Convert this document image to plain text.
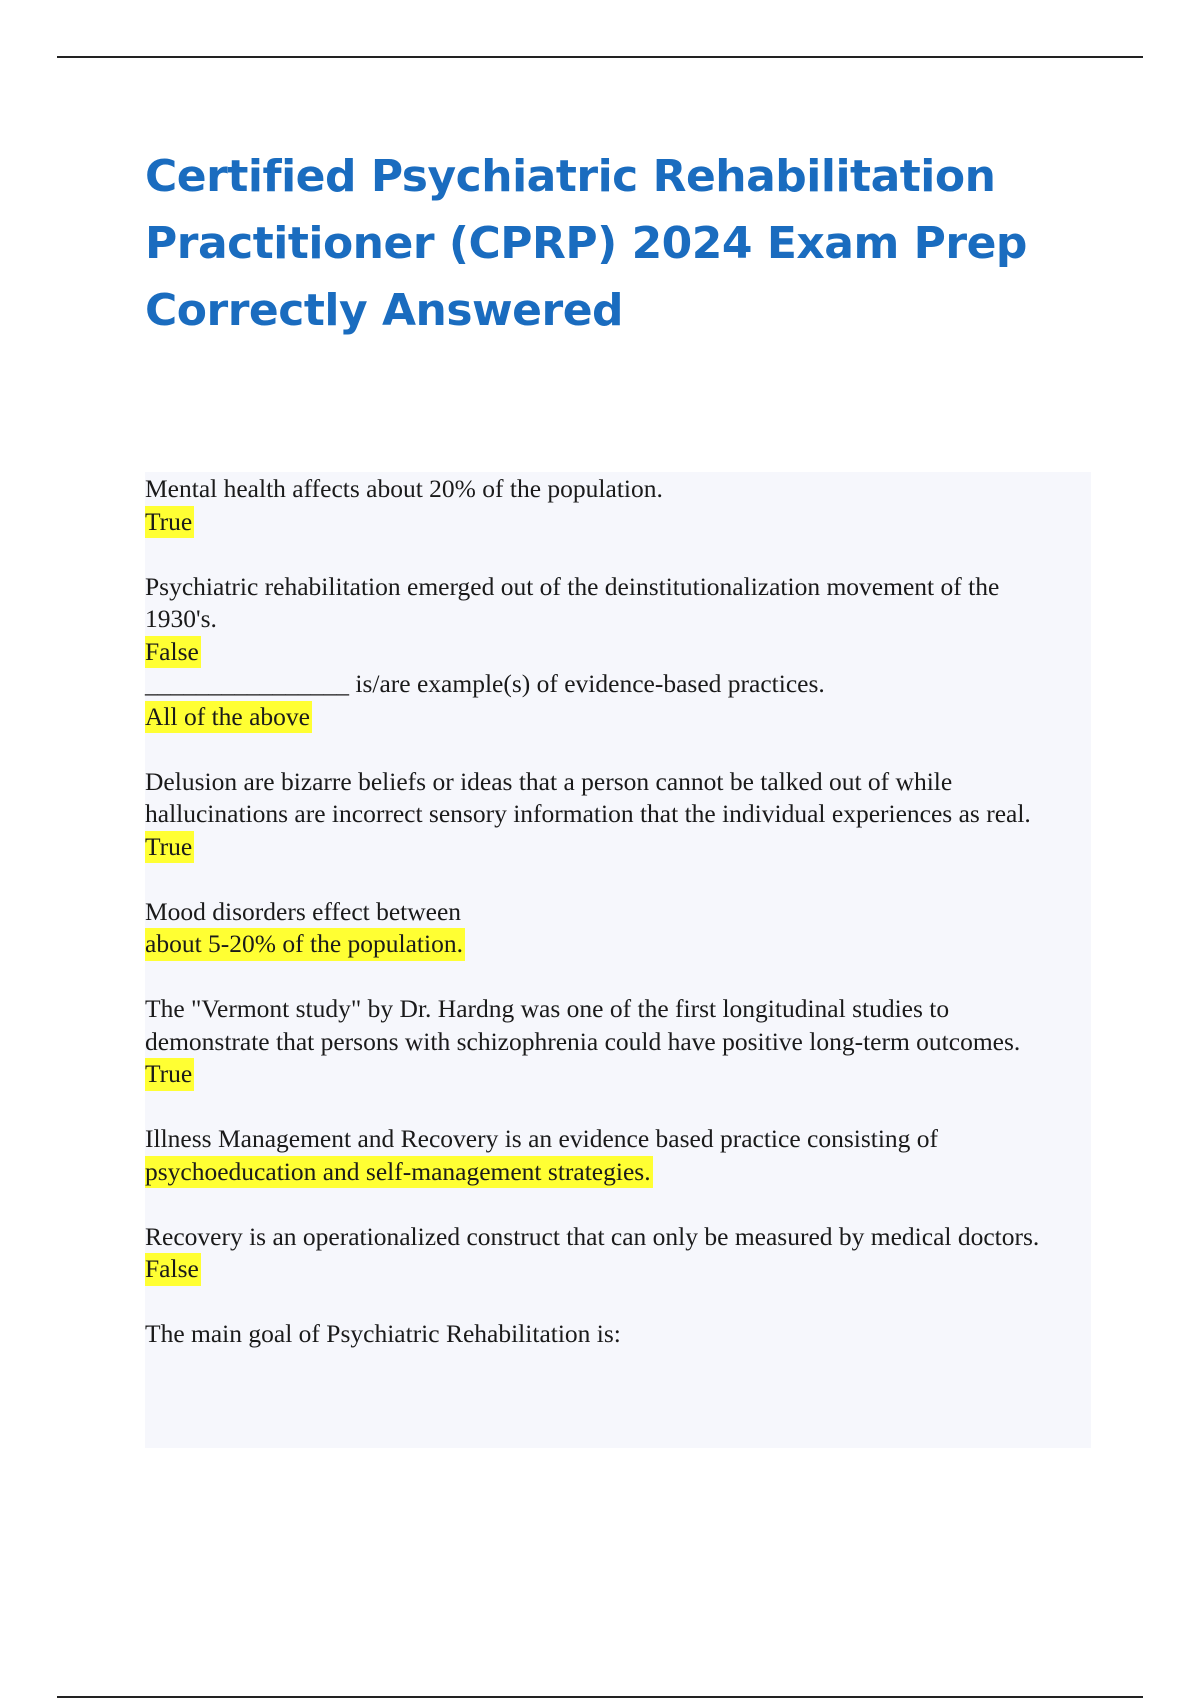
Certified Psychiatric Rehabilitation Practitioner (CPRP) 2024 Exam Prep Correctly Answered
Mental health affects about 20% of the population.
True
Psychiatric rehabilitation emerged out of the deinstitutionalization movement of the 1930's.
False
________________ is/are example(s) of evidence-based practices.
All of the above
Delusion are bizarre beliefs or ideas that a person cannot be talked out of while hallucinations are incorrect sensory information that the individual experiences as real.
True
Mood disorders effect between
about 5-20% of the population.
The "Vermont study" by Dr. Hardng was one of the first longitudinal studies to demonstrate that persons with schizophrenia could have positive long-term outcomes.
True
Illness Management and Recovery is an evidence based practice consisting of
psychoeducation and self-management strategies.
Recovery is an operationalized construct that can only be measured by medical doctors.
False
The main goal of Psychiatric Rehabilitation is:
